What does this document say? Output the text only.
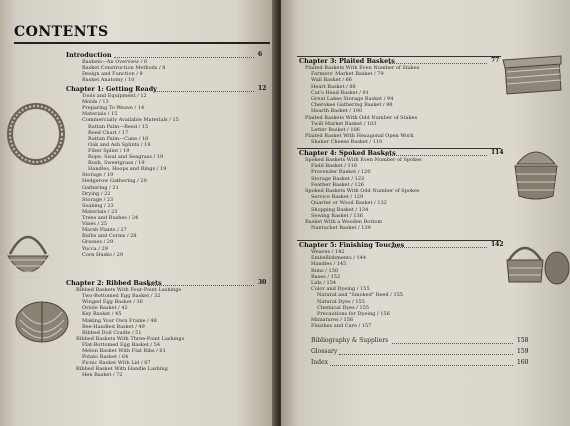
CONTENTS
Introduction	6
Baskets—An Overview / 6
Basket Construction Methods / 8
Design and Function / 9
Basket Anatomy / 10
Chapter 1: Getting Ready	12
Tools and Equipment / 12
Molds / 13
Preparing To Weave / 14
Materials / 15
Commercially Available Materials / 15
Rattan Palm—Reed / 15
Reed Chart / 17
Rattan Palm—Cane / 18
Oak and Ash Splints / 18
Fiber Splint / 19
Rope, Sisal and Seagrass / 19
Rush, Sweetgrass / 19
Handles, Hoops and Rings / 19
Storage / 19
Hedgerow Gathering / 20
Gathering / 21
Drying / 22
Storage / 23
Soaking / 23
Materials / 23
Trees and Bushes / 24
Vines / 25
Marsh Plants / 27
Bulbs and Corms / 28
Grasses / 29
Yucca / 29
Corn Husks / 29
Chapter 2: Ribbed Baskets	30
Ribbed Baskets With Four-Point Lashings
Two-Bottomed Egg Basket / 32
Winged Egg Basket / 36
Oriole Basket / 42
Key Basket / 45
Making Your Own Frame / 48
Bee-Handled Basket / 49
Ribbed Doll Cradle / 51
Ribbed Baskets With Three-Point Lashings
Flat-Bottomed Egg Basket / 54
Melon Basket With Flat Ribs / 61
Potato Basket / 64
Picnic Basket With Lid / 67
Ribbed Basket With Handle Lashing
Hen Basket / 72
Chapter 3: Plaited Baskets	77
Plaited Baskets With Even Number of Stakes
Farmers' Market Basket / 79
Wall Basket / 86
Heart Basket / 88
Cat's Head Basket / 91
Great Lakes Storage Basket / 94
Cherokee Gathering Basket / 98
Hearth Basket / 100
Plaited Baskets With Odd Number of Stakes
Twill Market Basket / 103
Letter Basket / 106
Plaited Basket With Hexagonal Open Work
Shaker Cheese Basket / 110
Chapter 4: Spoked Baskets	114
Spoked Baskets With Even Number of Spokes
Field Basket / 116
Provender Basket / 120
Storage Basket / 123
Feather Basket / 126
Spoked Baskets With Odd Number of Spokes
Service Basket / 129
Quarter or Wood Basket / 132
Shopping Basket / 134
Sewing Basket / 136
Basket With a Wooden Bottom
Nantucket Basket / 139
Chapter 5: Finishing Touches	142
Weaves / 142
Embellishments / 144
Handles / 145
Rims / 150
Bases / 152
Lids / 154
Color and Dyeing / 155
Natural and "Smoked" Reed / 155
Natural Dyes / 155
Chemical Dyes / 155
Precautions for Dyeing / 156
Miniatures / 156
Finishes and Care / 157
Bibliography & Suppliers	158
Glossary	159
Index	160
